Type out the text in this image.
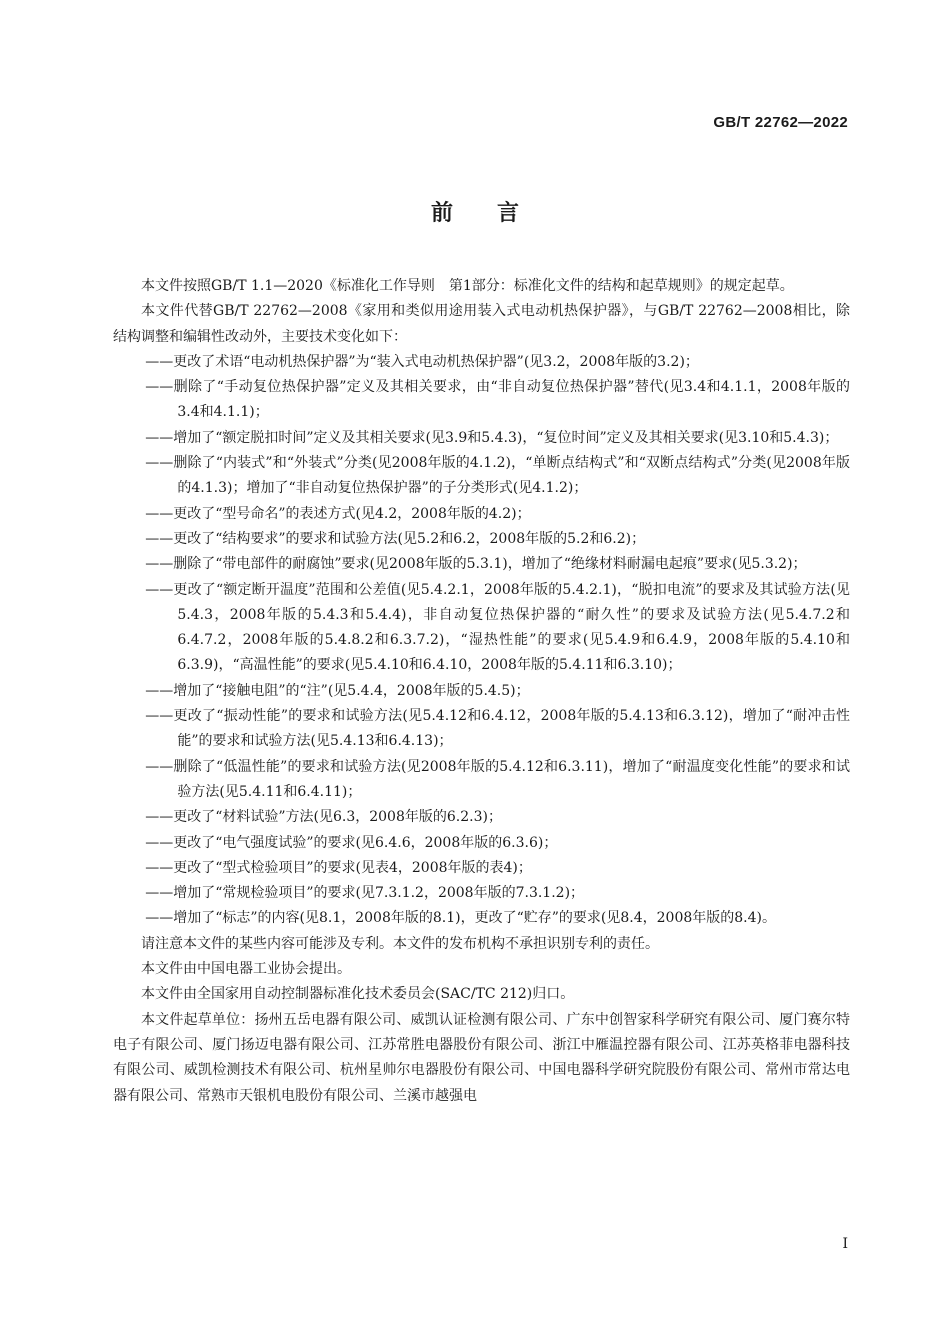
GB/T 22762—2022
前言

本文件按照GB/T 1.1—2020《标准化工作导则　第1部分：标准化文件的结构和起草规则》的规定起草。

本文件代替GB/T 22762—2008《家用和类似用途用装入式电动机热保护器》，与GB/T 22762—2008相比，除结构调整和编辑性改动外，主要技术变化如下：

——更改了术语“电动机热保护器”为“装入式电动机热保护器”(见3.2，2008年版的3.2)；

——删除了“手动复位热保护器”定义及其相关要求，由“非自动复位热保护器”替代(见3.4和4.1.1，2008年版的3.4和4.1.1)；

——增加了“额定脱扣时间”定义及其相关要求(见3.9和5.4.3)，“复位时间”定义及其相关要求(见3.10和5.4.3)；

——删除了“内装式”和“外装式”分类(见2008年版的4.1.2)，“单断点结构式”和“双断点结构式”分类(见2008年版的4.1.3)；增加了“非自动复位热保护器”的子分类形式(见4.1.2)；

——更改了“型号命名”的表述方式(见4.2，2008年版的4.2)；

——更改了“结构要求”的要求和试验方法(见5.2和6.2，2008年版的5.2和6.2)；

——删除了“带电部件的耐腐蚀”要求(见2008年版的5.3.1)，增加了“绝缘材料耐漏电起痕”要求(见5.3.2)；

——更改了“额定断开温度”范围和公差值(见5.4.2.1，2008年版的5.4.2.1)，“脱扣电流”的要求及其试验方法(见5.4.3，2008年版的5.4.3和5.4.4)，非自动复位热保护器的“耐久性”的要求及试验方法(见5.4.7.2和6.4.7.2，2008年版的5.4.8.2和6.3.7.2)，“湿热性能”的要求(见5.4.9和6.4.9，2008年版的5.4.10和6.3.9)，“高温性能”的要求(见5.4.10和6.4.10，2008年版的5.4.11和6.3.10)；

——增加了“接触电阻”的“注”(见5.4.4，2008年版的5.4.5)；

——更改了“振动性能”的要求和试验方法(见5.4.12和6.4.12，2008年版的5.4.13和6.3.12)，增加了“耐冲击性能”的要求和试验方法(见5.4.13和6.4.13)；

——删除了“低温性能”的要求和试验方法(见2008年版的5.4.12和6.3.11)，增加了“耐温度变化性能”的要求和试验方法(见5.4.11和6.4.11)；

——更改了“材料试验”方法(见6.3，2008年版的6.2.3)；

——更改了“电气强度试验”的要求(见6.4.6，2008年版的6.3.6)；

——更改了“型式检验项目”的要求(见表4，2008年版的表4)；

——增加了“常规检验项目”的要求(见7.3.1.2，2008年版的7.3.1.2)；

——增加了“标志”的内容(见8.1，2008年版的8.1)，更改了“贮存”的要求(见8.4，2008年版的8.4)。

请注意本文件的某些内容可能涉及专利。本文件的发布机构不承担识别专利的责任。

本文件由中国电器工业协会提出。

本文件由全国家用自动控制器标准化技术委员会(SAC/TC 212)归口。

本文件起草单位：扬州五岳电器有限公司、威凯认证检测有限公司、广东中创智家科学研究有限公司、厦门赛尔特电子有限公司、厦门扬迈电器有限公司、江苏常胜电器股份有限公司、浙江中雁温控器有限公司、江苏英格菲电器科技有限公司、威凯检测技术有限公司、杭州星帅尔电器股份有限公司、中国电器科学研究院股份有限公司、常州市常达电器有限公司、常熟市天银机电股份有限公司、兰溪市越强电

I
